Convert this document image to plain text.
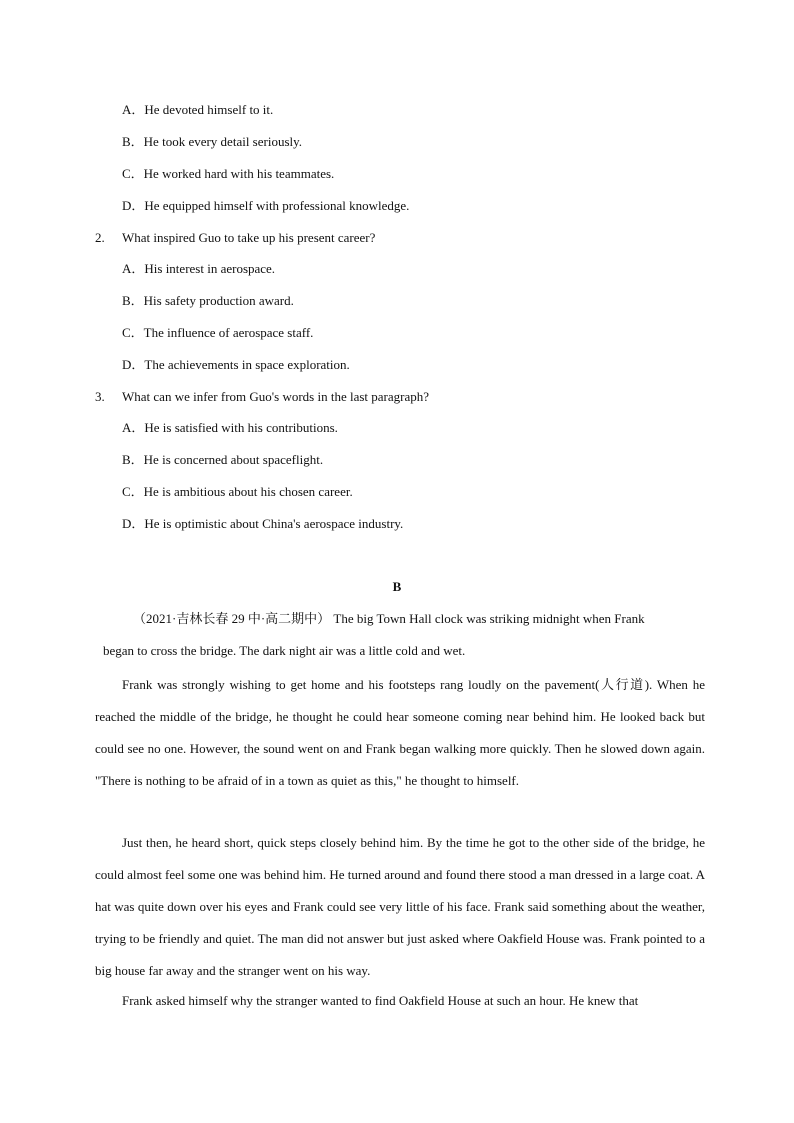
A．He devoted himself to it.
B．He took every detail seriously.
C．He worked hard with his teammates.
D．He equipped himself with professional knowledge.
2. What inspired Guo to take up his present career?
A．His interest in aerospace.
B．His safety production award.
C．The influence of aerospace staff.
D．The achievements in space exploration.
3. What can we infer from Guo's words in the last paragraph?
A．He is satisfied with his contributions.
B．He is concerned about spaceflight.
C．He is ambitious about his chosen career.
D．He is optimistic about China's aerospace industry.
B
（2021·吉林长春 29 中·高二期中） The big Town Hall clock was striking midnight when Frank
began to cross the bridge. The dark night air was a little cold and wet.
Frank was strongly wishing to get home and his footsteps rang loudly on the pavement(人行道). When he reached the middle of the bridge, he thought he could hear someone coming near behind him. He looked back but could see no one. However, the sound went on and Frank began walking more quickly. Then he slowed down again. "There is nothing to be afraid of in a town as quiet as this," he thought to himself.
Just then, he heard short, quick steps closely behind him. By the time he got to the other side of the bridge, he could almost feel some one was behind him. He turned around and found there stood a man dressed in a large coat. A hat was quite down over his eyes and Frank could see very little of his face. Frank said something about the weather, trying to be friendly and quiet. The man did not answer but just asked where Oakfield House was. Frank pointed to a big house far away and the stranger went on his way.
Frank asked himself why the stranger wanted to find Oakfield House at such an hour. He knew that
